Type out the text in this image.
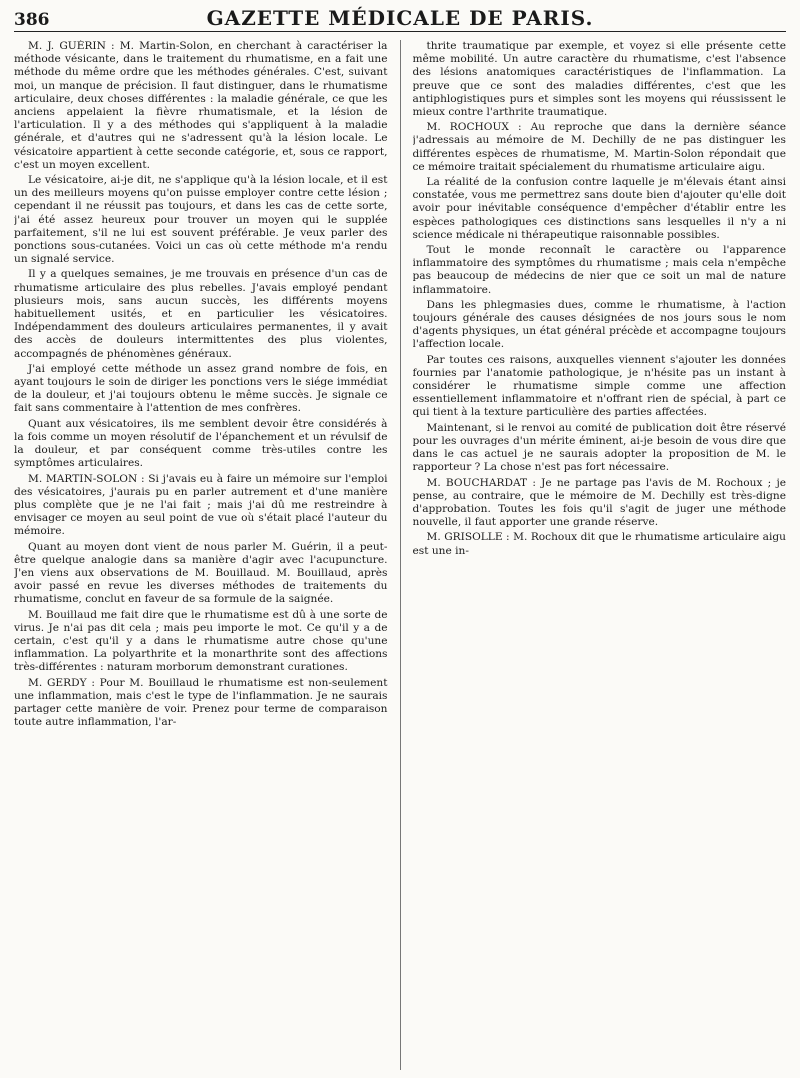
386	GAZETTE MÉDICALE DE PARIS.

M. J. GUÉRIN : M. Martin-Solon, en cherchant à caractériser la méthode vésicante, dans le traitement du rhumatisme, en a fait une méthode du même ordre que les méthodes générales. C'est, suivant moi, un manque de précision. Il faut distinguer, dans le rhumatisme articulaire, deux choses différentes : la maladie générale, ce que les anciens appelaient la fièvre rhumatismale, et la lésion de l'articulation. Il y a des méthodes qui s'appliquent à la maladie générale, et d'autres qui ne s'adressent qu'à la lésion locale. Le vésicatoire appartient à cette seconde catégorie, et, sous ce rapport, c'est un moyen excellent.

Le vésicatoire, ai-je dit, ne s'applique qu'à la lésion locale, et il est un des meilleurs moyens qu'on puisse employer contre cette lésion ; cependant il ne réussit pas toujours, et dans les cas de cette sorte, j'ai été assez heureux pour trouver un moyen qui le supplée parfaitement, s'il ne lui est souvent préférable. Je veux parler des ponctions sous-cutanées. Voici un cas où cette méthode m'a rendu un signalé service.

Il y a quelques semaines, je me trouvais en présence d'un cas de rhumatisme articulaire des plus rebelles. J'avais employé pendant plusieurs mois, sans aucun succès, les différents moyens habituellement usités, et en particulier les vésicatoires. Indépendamment des douleurs articulaires permanentes, il y avait des accès de douleurs intermittentes des plus violentes, accompagnés de phénomènes généraux.

J'ai employé cette méthode un assez grand nombre de fois, en ayant toujours le soin de diriger les ponctions vers le siége immédiat de la douleur, et j'ai toujours obtenu le même succès. Je signale ce fait sans commentaire à l'attention de mes confrères.

Quant aux vésicatoires, ils me semblent devoir être considérés à la fois comme un moyen résolutif de l'épanchement et un révulsif de la douleur, et par conséquent comme très-utiles contre les symptômes articulaires.

M. MARTIN-SOLON : Si j'avais eu à faire un mémoire sur l'emploi des vésicatoires, j'aurais pu en parler autrement et d'une manière plus complète que je ne l'ai fait ; mais j'ai dû me restreindre à envisager ce moyen au seul point de vue où s'était placé l'auteur du mémoire.

Quant au moyen dont vient de nous parler M. Guérin, il a peut-être quelque analogie dans sa manière d'agir avec l'acupuncture. J'en viens aux observations de M. Bouillaud. M. Bouillaud, après avoir passé en revue les diverses méthodes de traitements du rhumatisme, conclut en faveur de sa formule de la saignée.

M. Bouillaud me fait dire que le rhumatisme est dû à une sorte de virus. Je n'ai pas dit cela ; mais peu importe le mot. Ce qu'il y a de certain, c'est qu'il y a dans le rhumatisme autre chose qu'une inflammation. La polyarthrite et la monarthrite sont des affections très-différentes : naturam morborum demonstrant curationes.

M. GERDY : Pour M. Bouillaud le rhumatisme est non-seulement une inflammation, mais c'est le type de l'inflammation. Je ne saurais partager cette manière de voir. Prenez pour terme de comparaison toute autre inflammation, l'ar-

thrite traumatique par exemple, et voyez si elle présente cette même mobilité. Un autre caractère du rhumatisme, c'est l'absence des lésions anatomiques caractéristiques de l'inflammation. La preuve que ce sont des maladies différentes, c'est que les antiphlogistiques purs et simples sont les moyens qui réussissent le mieux contre l'arthrite traumatique.

M. ROCHOUX : Au reproche que dans la dernière séance j'adressais au mémoire de M. Dechilly de ne pas distinguer les différentes espèces de rhumatisme, M. Martin-Solon répondait que ce mémoire traitait spécialement du rhumatisme articulaire aigu.

La réalité de la confusion contre laquelle je m'élevais étant ainsi constatée, vous me permettrez sans doute bien d'ajouter qu'elle doit avoir pour inévitable conséquence d'empêcher d'établir entre les espèces pathologiques ces distinctions sans lesquelles il n'y a ni science médicale ni thérapeutique raisonnable possibles.

Tout le monde reconnaît le caractère ou l'apparence inflammatoire des symptômes du rhumatisme ; mais cela n'empêche pas beaucoup de médecins de nier que ce soit un mal de nature inflammatoire.

Dans les phlegmasies dues, comme le rhumatisme, à l'action toujours générale des causes désignées de nos jours sous le nom d'agents physiques, un état général précède et accompagne toujours l'affection locale.

Par toutes ces raisons, auxquelles viennent s'ajouter les données fournies par l'anatomie pathologique, je n'hésite pas un instant à considérer le rhumatisme simple comme une affection essentiellement inflammatoire et n'offrant rien de spécial, à part ce qui tient à la texture particulière des parties affectées.

Maintenant, si le renvoi au comité de publication doit être réservé pour les ouvrages d'un mérite éminent, ai-je besoin de vous dire que dans le cas actuel je ne saurais adopter la proposition de M. le rapporteur ? La chose n'est pas fort nécessaire.

M. BOUCHARDAT : Je ne partage pas l'avis de M. Rochoux ; je pense, au contraire, que le mémoire de M. Dechilly est très-digne d'approbation. Toutes les fois qu'il s'agit de juger une méthode nouvelle, il faut apporter une grande réserve.

M. GRISOLLE : M. Rochoux dit que le rhumatisme articulaire aigu est une in-
